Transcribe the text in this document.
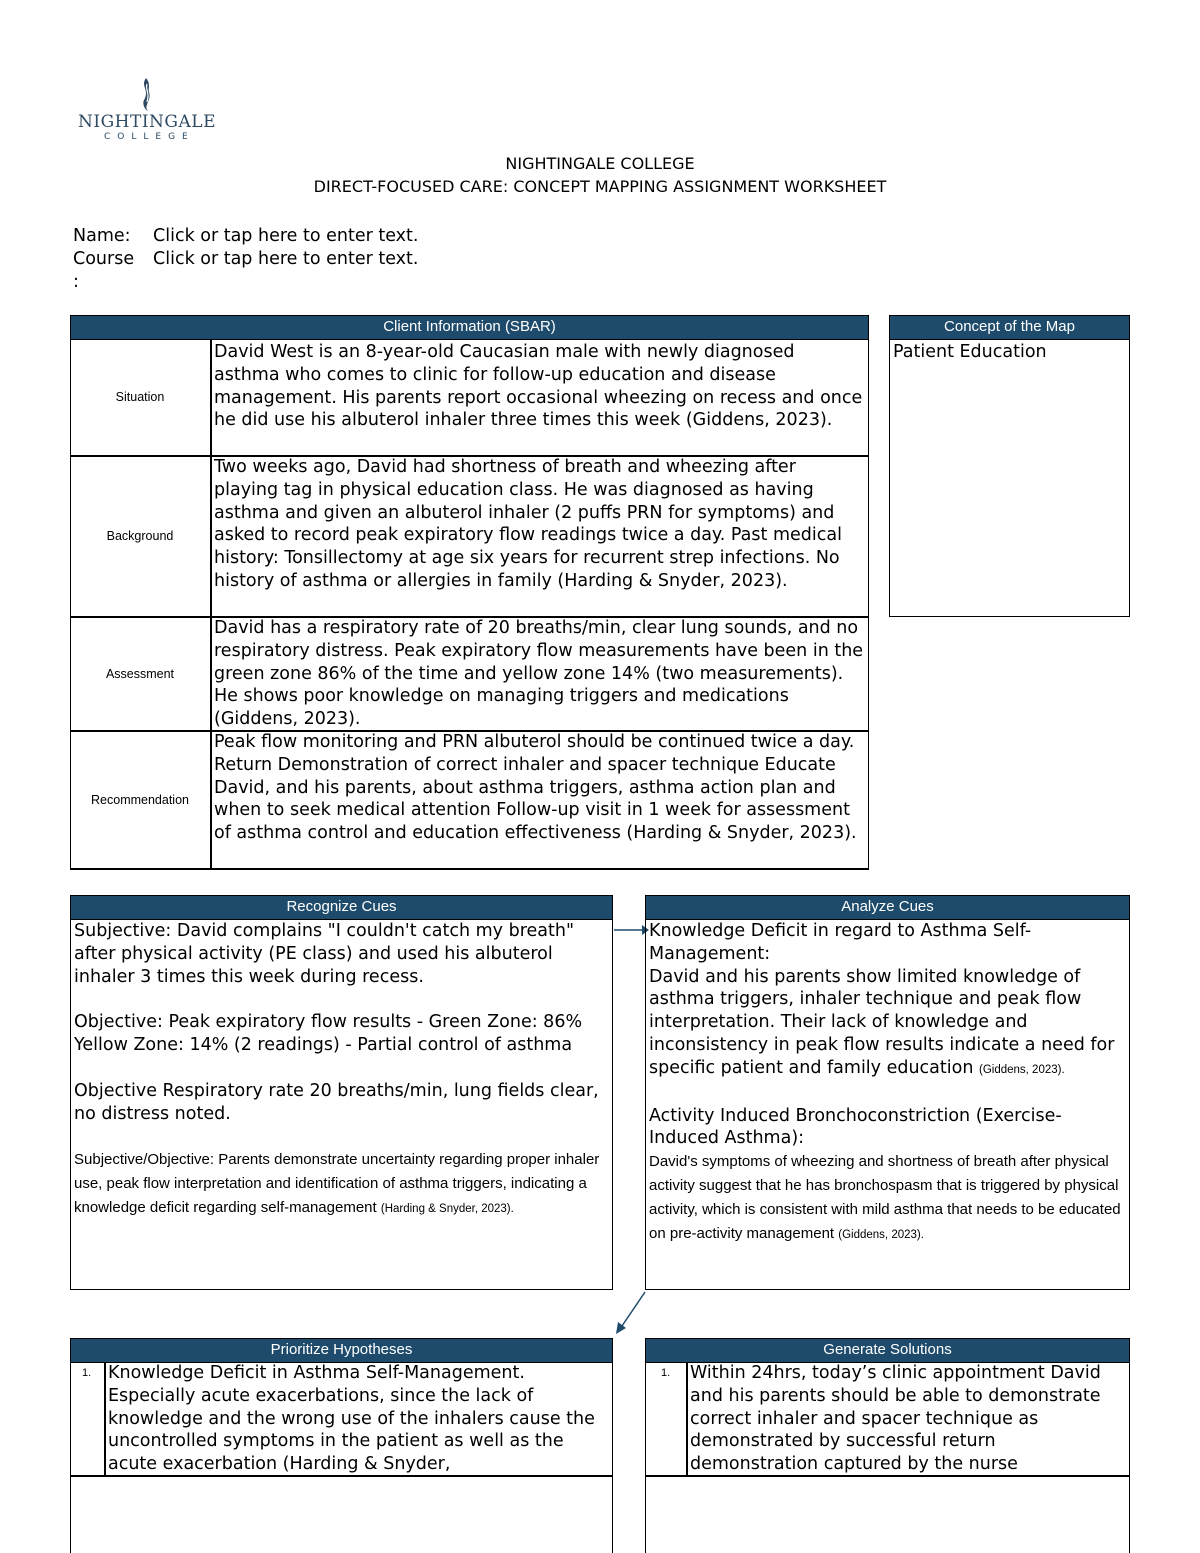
NIGHTINGALE
COLLEGE
NIGHTINGALE COLLEGE
DIRECT-FOCUSED CARE: CONCEPT MAPPING ASSIGNMENT WORKSHEET
Name: Click or tap here to enter text.
Course Click or tap here to enter text.
:
Client Information (SBAR)
Situation
David West is an 8-year-old Caucasian male with newly diagnosed asthma who comes to clinic for follow-up education and disease management. His parents report occasional wheezing on recess and once he did use his albuterol inhaler three times this week (Giddens, 2023).
Background
Two weeks ago, David had shortness of breath and wheezing after playing tag in physical education class. He was diagnosed as having asthma and given an albuterol inhaler (2 puffs PRN for symptoms) and asked to record peak expiratory flow readings twice a day. Past medical history: Tonsillectomy at age six years for recurrent strep infections. No history of asthma or allergies in family (Harding & Snyder, 2023).
Assessment
David has a respiratory rate of 20 breaths/min, clear lung sounds, and no respiratory distress. Peak expiratory flow measurements have been in the green zone 86% of the time and yellow zone 14% (two measurements). He shows poor knowledge on managing triggers and medications (Giddens, 2023).
Recommendation
Peak flow monitoring and PRN albuterol should be continued twice a day. Return Demonstration of correct inhaler and spacer technique Educate David, and his parents, about asthma triggers, asthma action plan and when to seek medical attention Follow-up visit in 1 week for assessment of asthma control and education effectiveness (Harding & Snyder, 2023).
Concept of the Map
Patient Education
Recognize Cues

Subjective: David complains "I couldn't catch my breath" after physical activity (PE class) and used his albuterol inhaler 3 times this week during recess.

Objective: Peak expiratory flow results - Green Zone: 86% Yellow Zone: 14% (2 readings) - Partial control of asthma

Objective Respiratory rate 20 breaths/min, lung fields clear, no distress noted.

Subjective/Objective: Parents demonstrate uncertainty regarding proper inhaler use, peak flow interpretation and identification of asthma triggers, indicating a knowledge deficit regarding self-management (Harding & Snyder, 2023).

Analyze Cues

Knowledge Deficit in regard to Asthma Self-Management:

David and his parents show limited knowledge of asthma triggers, inhaler technique and peak flow interpretation. Their lack of knowledge and inconsistency in peak flow results indicate a need for specific patient and family education (Giddens, 2023).

Activity Induced Bronchoconstriction (Exercise-Induced Asthma):

David's symptoms of wheezing and shortness of breath after physical activity suggest that he has bronchospasm that is triggered by physical activity, which is consistent with mild asthma that needs to be educated on pre-activity management (Giddens, 2023).

Prioritize Hypotheses
1. Knowledge Deficit in Asthma Self-Management. Especially acute exacerbations, since the lack of knowledge and the wrong use of the inhalers cause the uncontrolled symptoms in the patient as well as the acute exacerbation (Harding & Snyder,
Generate Solutions
1. Within 24hrs, today’s clinic appointment David and his parents should be able to demonstrate correct inhaler and spacer technique as demonstrated by successful return demonstration captured by the nurse
